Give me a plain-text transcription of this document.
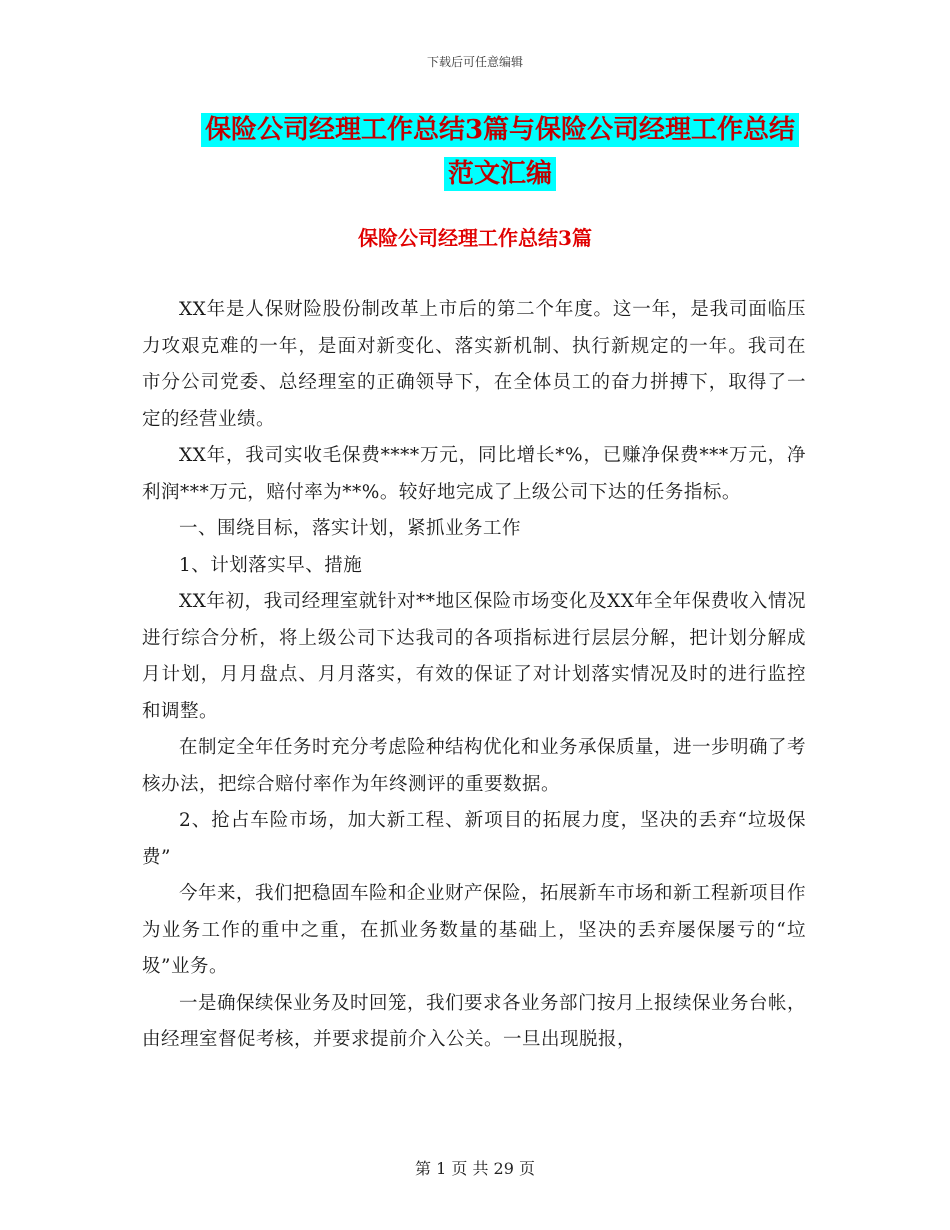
下载后可任意编辑
保险公司经理工作总结3篇与保险公司经理工作总结
范文汇编
保险公司经理工作总结3篇

XX年是人保财险股份制改革上市后的第二个年度。这一年，是我司面临压力攻艰克难的一年，是面对新变化、落实新机制、执行新规定的一年。我司在市分公司党委、总经理室的正确领导下，在全体员工的奋力拼搏下，取得了一定的经营业绩。

XX年，我司实收毛保费****万元，同比增长*%，已赚净保费***万元，净利润***万元，赔付率为**%。较好地完成了上级公司下达的任务指标。

一、围绕目标，落实计划，紧抓业务工作

1、计划落实早、措施

XX年初，我司经理室就针对**地区保险市场变化及XX年全年保费收入情况进行综合分析，将上级公司下达我司的各项指标进行层层分解，把计划分解成月计划，月月盘点、月月落实，有效的保证了对计划落实情况及时的进行监控和调整。

在制定全年任务时充分考虑险种结构优化和业务承保质量，进一步明确了考核办法，把综合赔付率作为年终测评的重要数据。

2、抢占车险市场，加大新工程、新项目的拓展力度，坚决的丢弃“垃圾保费”

今年来，我们把稳固车险和企业财产保险，拓展新车市场和新工程新项目作为业务工作的重中之重，在抓业务数量的基础上，坚决的丢弃屡保屡亏的“垃圾”业务。

一是确保续保业务及时回笼，我们要求各业务部门按月上报续保业务台帐，由经理室督促考核，并要求提前介入公关。一旦出现脱报，

第 1 页 共 29 页
